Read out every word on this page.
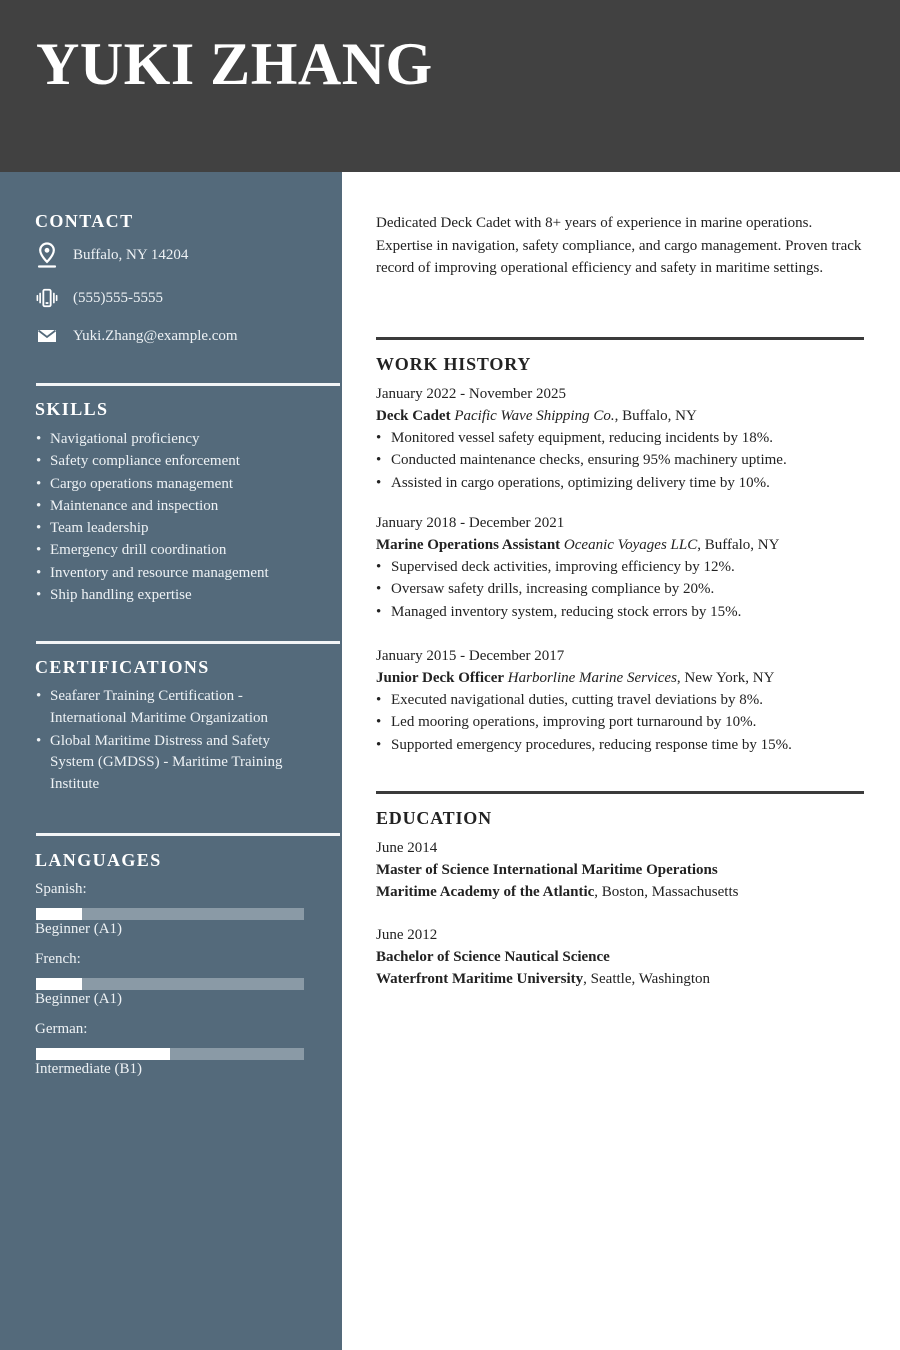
YUKI ZHANG
CONTACT
Buffalo, NY 14204
(555)555-5555
Yuki.Zhang@example.com
SKILLS
• Navigational proficiency
• Safety compliance enforcement
• Cargo operations management
• Maintenance and inspection
• Team leadership
• Emergency drill coordination
• Inventory and resource management
• Ship handling expertise
CERTIFICATIONS
• Seafarer Training Certification - International Maritime Organization
• Global Maritime Distress and Safety System (GMDSS) - Maritime Training Institute
LANGUAGES
Spanish:
Beginner (A1)
French:
Beginner (A1)
German:
Intermediate (B1)
Dedicated Deck Cadet with 8+ years of experience in marine operations. Expertise in navigation, safety compliance, and cargo management. Proven track record of improving operational efficiency and safety in maritime settings.
WORK HISTORY
January 2022 - November 2025
Deck Cadet Pacific Wave Shipping Co., Buffalo, NY
• Monitored vessel safety equipment, reducing incidents by 18%.
• Conducted maintenance checks, ensuring 95% machinery uptime.
• Assisted in cargo operations, optimizing delivery time by 10%.
January 2018 - December 2021
Marine Operations Assistant Oceanic Voyages LLC, Buffalo, NY
• Supervised deck activities, improving efficiency by 12%.
• Oversaw safety drills, increasing compliance by 20%.
• Managed inventory system, reducing stock errors by 15%.
January 2015 - December 2017
Junior Deck Officer Harborline Marine Services, New York, NY
• Executed navigational duties, cutting travel deviations by 8%.
• Led mooring operations, improving port turnaround by 10%.
• Supported emergency procedures, reducing response time by 15%.
EDUCATION
June 2014
Master of Science International Maritime Operations
Maritime Academy of the Atlantic, Boston, Massachusetts
June 2012
Bachelor of Science Nautical Science
Waterfront Maritime University, Seattle, Washington
